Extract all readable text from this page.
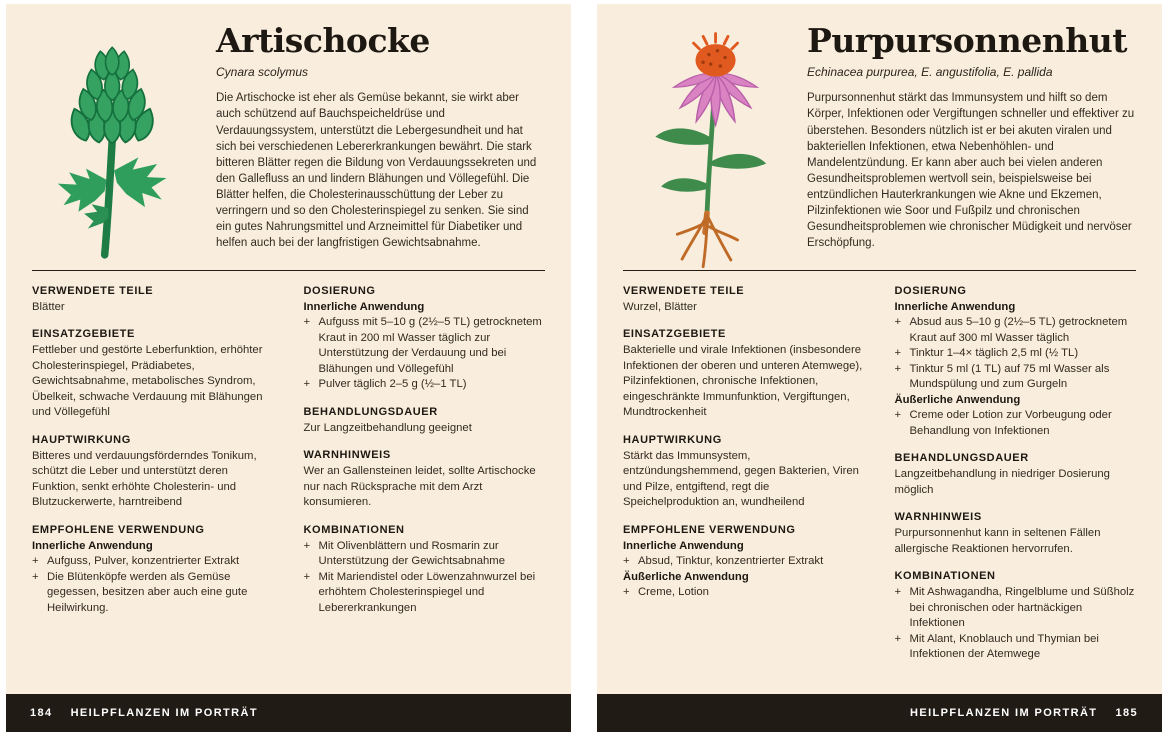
Artischocke
Cynara scolymus

Die Artischocke ist eher als Gemüse bekannt, sie wirkt aber auch schützend auf Bauchspeicheldrüse und Verdauungssystem, unterstützt die Lebergesundheit und hat sich bei verschiedenen Lebererkrankungen bewährt. Die stark bitteren Blätter regen die Bildung von Verdauungssekreten und den Gallefluss an und lindern Blähungen und Völlegefühl. Die Blätter helfen, die Cholesterinausschüttung der Leber zu verringern und so den Cholesterinspiegel zu senken. Sie sind ein gutes Nahrungsmittel und Arzneimittel für Diabetiker und helfen auch bei der langfristigen Gewichtsabnahme.

VERWENDETE TEILE

Blätter

EINSATZGEBIETE

Fettleber und gestörte Leberfunktion, erhöhter Cholesterinspiegel, Prädiabetes, Gewichtsabnahme, metabolisches Syndrom, Übelkeit, schwache Verdauung mit Blähungen und Völlegefühl

HAUPTWIRKUNG

Bitteres und verdauungsförderndes Tonikum, schützt die Leber und unterstützt deren Funktion, senkt erhöhte Cholesterin- und Blutzuckerwerte, harntreibend

EMPFOHLENE VERWENDUNG
Innerliche Anwendung
+ Aufguss, Pulver, konzentrierter Extrakt
+ Die Blütenköpfe werden als Gemüse gegessen, besitzen aber auch eine gute Heilwirkung.
DOSIERUNG
Innerliche Anwendung
+ Aufguss mit 5–10 g (2½–5 TL) getrocknetem Kraut in 200 ml Wasser täglich zur Unterstützung der Verdauung und bei Blähungen und Völlegefühl
+ Pulver täglich 2–5 g (½–1 TL)
BEHANDLUNGSDAUER

Zur Langzeitbehandlung geeignet

WARNHINWEIS

Wer an Gallensteinen leidet, sollte Artischocke nur nach Rücksprache mit dem Arzt konsumieren.

KOMBINATIONEN
+ Mit Olivenblättern und Rosmarin zur Unterstützung der Gewichtsabnahme
+ Mit Mariendistel oder Löwenzahnwurzel bei erhöhtem Cholesterinspiegel und Lebererkrankungen
184 HEILPFLANZEN IM PORTRÄT
Purpursonnenhut
Echinacea purpurea, E. angustifolia, E. pallida

Purpursonnenhut stärkt das Immunsystem und hilft so dem Körper, Infektionen oder Vergiftungen schneller und effektiver zu überstehen. Besonders nützlich ist er bei akuten viralen und bakteriellen Infektionen, etwa Nebenhöhlen- und Mandelentzündung. Er kann aber auch bei vielen anderen Gesundheitsproblemen wertvoll sein, beispielsweise bei entzündlichen Hauterkrankungen wie Akne und Ekzemen, Pilzinfektionen wie Soor und Fußpilz und chronischen Gesundheitsproblemen wie chronischer Müdigkeit und nervöser Erschöpfung.

VERWENDETE TEILE

Wurzel, Blätter

EINSATZGEBIETE

Bakterielle und virale Infektionen (insbesondere Infektionen der oberen und unteren Atemwege), Pilzinfektionen, chronische Infektionen, eingeschränkte Immunfunktion, Vergiftungen, Mundtrockenheit

HAUPTWIRKUNG

Stärkt das Immunsystem, entzündungshemmend, gegen Bakterien, Viren und Pilze, entgiftend, regt die Speichelproduktion an, wundheilend

EMPFOHLENE VERWENDUNG
Innerliche Anwendung
+ Absud, Tinktur, konzentrierter Extrakt
Äußerliche Anwendung
+ Creme, Lotion
DOSIERUNG
Innerliche Anwendung
+ Absud aus 5–10 g (2½–5 TL) getrocknetem Kraut auf 300 ml Wasser täglich
+ Tinktur 1–4× täglich 2,5 ml (½ TL)
+ Tinktur 5 ml (1 TL) auf 75 ml Wasser als Mundspülung und zum Gurgeln
Äußerliche Anwendung
+ Creme oder Lotion zur Vorbeugung oder Behandlung von Infektionen
BEHANDLUNGSDAUER

Langzeitbehandlung in niedriger Dosierung möglich

WARNHINWEIS

Purpursonnenhut kann in seltenen Fällen allergische Reaktionen hervorrufen.

KOMBINATIONEN
+ Mit Ashwagandha, Ringelblume und Süßholz bei chronischen oder hartnäckigen Infektionen
+ Mit Alant, Knoblauch und Thymian bei Infektionen der Atemwege
HEILPFLANZEN IM PORTRÄT 185
